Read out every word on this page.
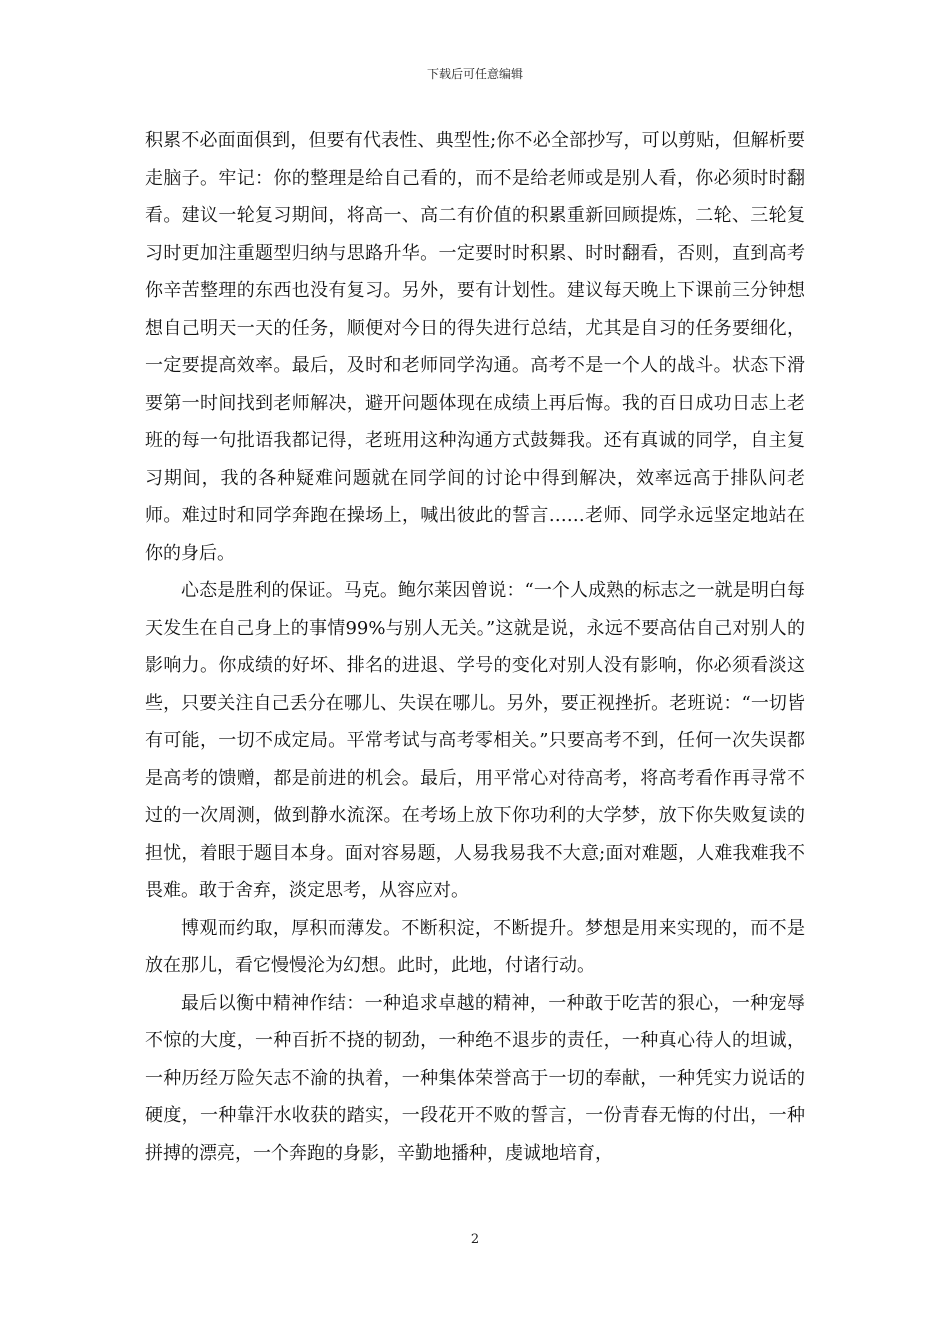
下载后可任意编辑

积累不必面面俱到，但要有代表性、典型性;你不必全部抄写，可以剪贴，但解析要走脑子。牢记：你的整理是给自己看的，而不是给老师或是别人看，你必须时时翻看。建议一轮复习期间，将高一、高二有价值的积累重新回顾提炼，二轮、三轮复习时更加注重题型归纳与思路升华。一定要时时积累、时时翻看，否则，直到高考你辛苦整理的东西也没有复习。另外，要有计划性。建议每天晚上下课前三分钟想想自己明天一天的任务，顺便对今日的得失进行总结，尤其是自习的任务要细化，一定要提高效率。最后，及时和老师同学沟通。高考不是一个人的战斗。状态下滑要第一时间找到老师解决，避开问题体现在成绩上再后悔。我的百日成功日志上老班的每一句批语我都记得，老班用这种沟通方式鼓舞我。还有真诚的同学，自主复习期间，我的各种疑难问题就在同学间的讨论中得到解决，效率远高于排队问老师。难过时和同学奔跑在操场上，喊出彼此的誓言……老师、同学永远坚定地站在你的身后。

心态是胜利的保证。马克。鲍尔莱因曾说：“一个人成熟的标志之一就是明白每天发生在自己身上的事情99%与别人无关。”这就是说，永远不要高估自己对别人的影响力。你成绩的好坏、排名的进退、学号的变化对别人没有影响，你必须看淡这些，只要关注自己丢分在哪儿、失误在哪儿。另外，要正视挫折。老班说：“一切皆有可能，一切不成定局。平常考试与高考零相关。”只要高考不到，任何一次失误都是高考的馈赠，都是前进的机会。最后，用平常心对待高考，将高考看作再寻常不过的一次周测，做到静水流深。在考场上放下你功利的大学梦，放下你失败复读的担忧，着眼于题目本身。面对容易题，人易我易我不大意;面对难题，人难我难我不畏难。敢于舍弃，淡定思考，从容应对。

博观而约取，厚积而薄发。不断积淀，不断提升。梦想是用来实现的，而不是放在那儿，看它慢慢沦为幻想。此时，此地，付诸行动。

最后以衡中精神作结：一种追求卓越的精神，一种敢于吃苦的狠心，一种宠辱不惊的大度，一种百折不挠的韧劲，一种绝不退步的责任，一种真心待人的坦诚，一种历经万险矢志不渝的执着，一种集体荣誉高于一切的奉献，一种凭实力说话的硬度，一种靠汗水收获的踏实，一段花开不败的誓言，一份青春无悔的付出，一种拼搏的漂亮，一个奔跑的身影，辛勤地播种，虔诚地培育，

2
